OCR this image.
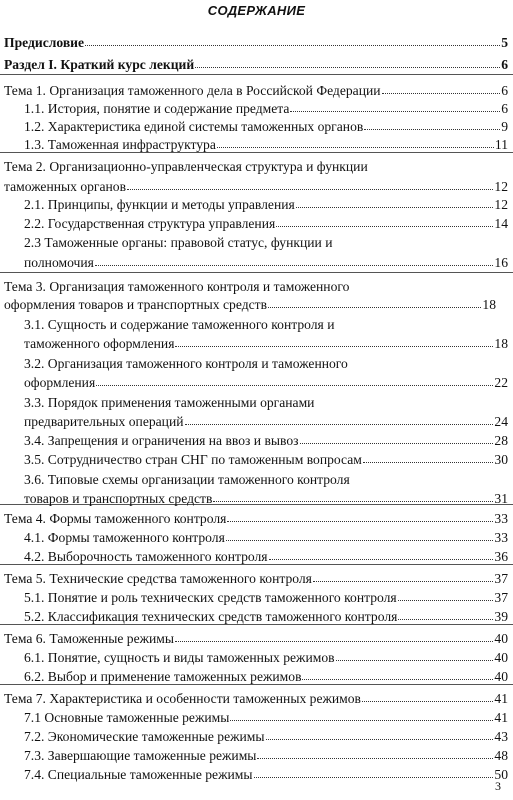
СОДЕРЖАНИЕ
Предисловие	5
Раздел I. Краткий курс лекций	6
Тема 1. Организация таможенного дела в Российской Федерации	6
1.1. История, понятие и содержание предмета	6
1.2. Характеристика единой системы таможенных органов	9
1.3. Таможенная инфраструктура	11
Тема 2. Организационно-управленческая структура и функции
таможенных органов	12
2.1. Принципы, функции и методы управления	12
2.2. Государственная структура управления	14
2.3 Таможенные органы: правовой статус, функции и
полномочия	16
Тема 3. Организация таможенного контроля и таможенного
оформления товаров и транспортных средств	18
3.1. Сущность и содержание таможенного контроля и
таможенного оформления	18
3.2. Организация таможенного контроля и таможенного
оформления	22
3.3. Порядок применения таможенными органами
предварительных операций	24
3.4. Запрещения и ограничения на ввоз и вывоз	28
3.5. Сотрудничество стран СНГ по таможенным вопросам	30
3.6. Типовые схемы организации таможенного контроля
товаров и транспортных средств	31
Тема 4. Формы таможенного контроля	33
4.1. Формы таможенного контроля	33
4.2. Выборочность таможенного контроля	36
Тема 5. Технические средства таможенного контроля	37
5.1. Понятие и роль технических средств таможенного контроля	37
5.2. Классификация технических средств таможенного контроля	39
Тема 6. Таможенные режимы	40
6.1. Понятие, сущность и виды таможенных режимов	40
6.2. Выбор и применение таможенных режимов	40
Тема 7. Характеристика и особенности таможенных режимов	41
7.1 Основные таможенные режимы	41
7.2. Экономические таможенные режимы	43
7.3. Завершающие таможенные режимы	48
7.4. Специальные таможенные режимы	50
3
